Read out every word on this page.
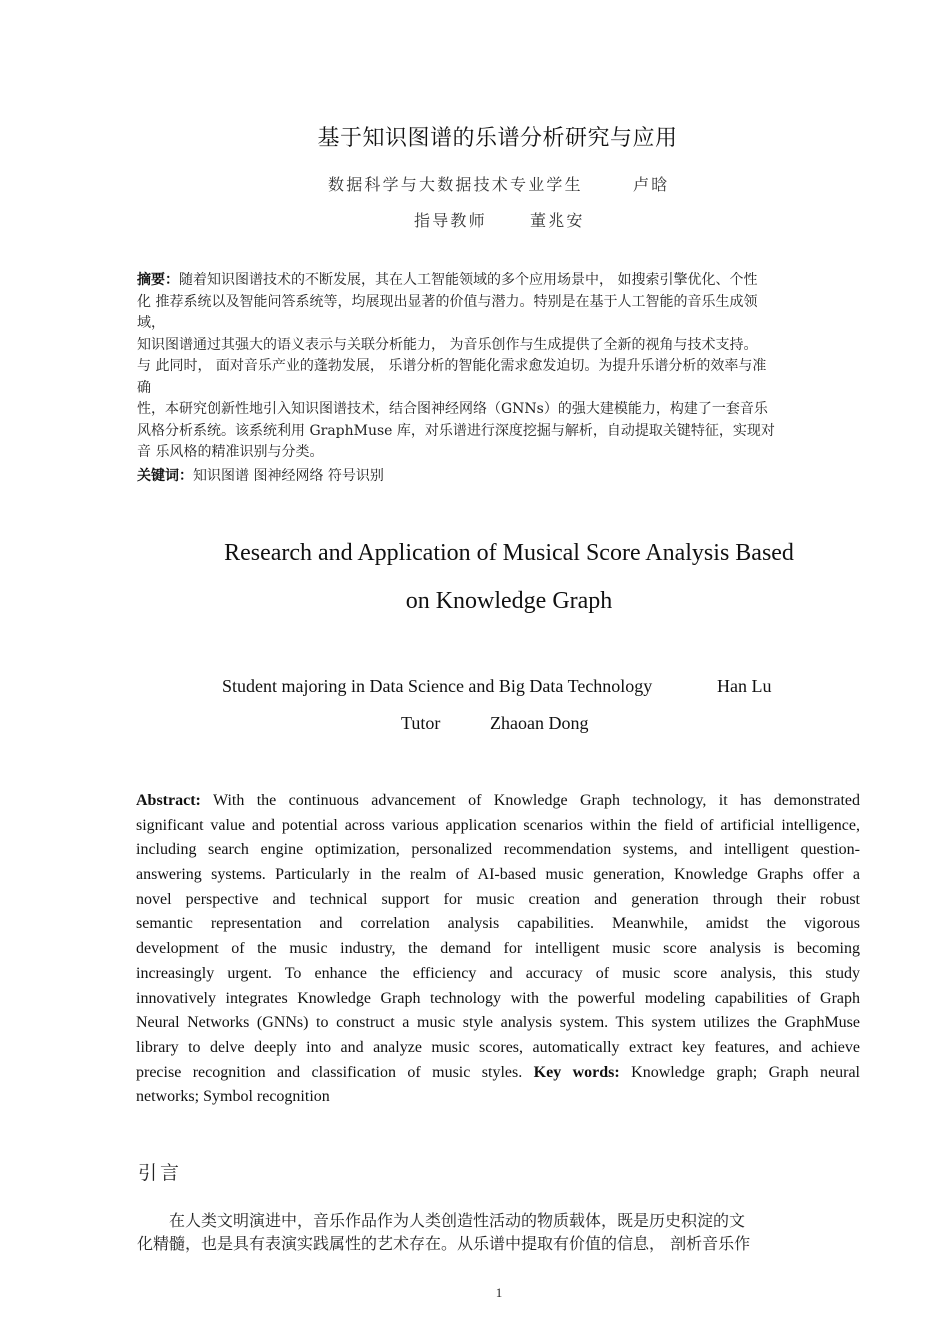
基于知识图谱的乐谱分析研究与应用
数据科学与大数据技术专业学生	卢晗
指导教师	董兆安
摘要：随着知识图谱技术的不断发展，其在人工智能领域的多个应用场景中， 如搜索引擎优化、个性
化 推荐系统以及智能问答系统等，均展现出显著的价值与潜力。特别是在基于人工智能的音乐生成领
域，
知识图谱通过其强大的语义表示与关联分析能力， 为音乐创作与生成提供了全新的视角与技术支持。
与 此同时， 面对音乐产业的蓬勃发展， 乐谱分析的智能化需求愈发迫切。为提升乐谱分析的效率与准
确
性，本研究创新性地引入知识图谱技术，结合图神经网络（GNNs）的强大建模能力，构建了一套音乐
风格分析系统。该系统利用 GraphMuse 库，对乐谱进行深度挖掘与解析，自动提取关键特征，实现对
音 乐风格的精准识别与分类。
关键词：知识图谱 图神经网络 符号识别
Research and Application of Musical Score Analysis Based
on Knowledge Graph
Student majoring in Data Science and Big Data Technology	Han Lu
Tutor	Zhaoan Dong
Abstract: With the continuous advancement of Knowledge Graph technology, it has demonstrated
significant value and potential across various application scenarios within the field of artificial intelligence,
including search engine optimization, personalized recommendation systems, and intelligent question-
answering systems. Particularly in the realm of AI-based music generation, Knowledge Graphs offer a
novel perspective and technical support for music creation and generation through their robust
semantic representation and correlation analysis capabilities. Meanwhile, amidst the vigorous
development of the music industry, the demand for intelligent music score analysis is becoming
increasingly urgent. To enhance the efficiency and accuracy of music score analysis, this study
innovatively integrates Knowledge Graph technology with the powerful modeling capabilities of Graph
Neural Networks (GNNs) to construct a music style analysis system. This system utilizes the GraphMuse
library to delve deeply into and analyze music scores, automatically extract key features, and achieve
precise recognition and classification of music styles. Key words: Knowledge graph; Graph neural
networks; Symbol recognition
引言
　　在人类文明演进中，音乐作品作为人类创造性活动的物质载体，既是历史积淀的文
化精髓，也是具有表演实践属性的艺术存在。从乐谱中提取有价值的信息， 剖析音乐作
1
